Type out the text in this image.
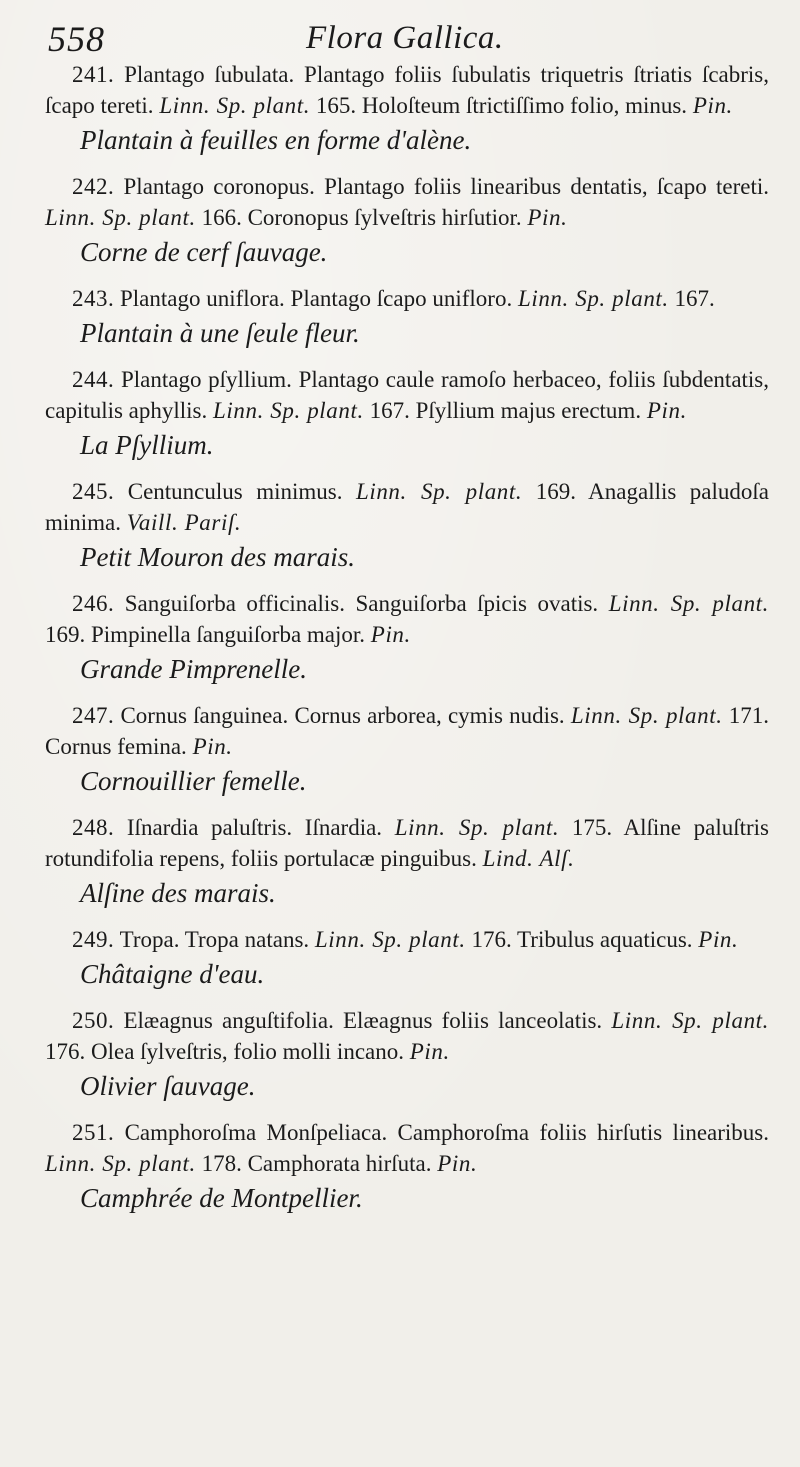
558	Flora Gallica.

241. Plantago ſubulata. Plantago foliis ſubulatis triquetris ſtriatis ſcabris, ſcapo tereti. Linn. Sp. plant. 165. Holoſteum ſtrictiſſimo folio, minus. Pin.

Plantain à feuilles en forme d'alène.

242. Plantago coronopus. Plantago foliis linearibus dentatis, ſcapo tereti. Linn. Sp. plant. 166. Coronopus ſylveſtris hirſutior. Pin.

Corne de cerf ſauvage.

243. Plantago uniflora. Plantago ſcapo unifloro. Linn. Sp. plant. 167.

Plantain à une ſeule fleur.

244. Plantago pſyllium. Plantago caule ramoſo herbaceo, foliis ſubdentatis, capitulis aphyllis. Linn. Sp. plant. 167. Pſyllium majus erectum. Pin.

La Pſyllium.

245. Centunculus minimus. Linn. Sp. plant. 169. Anagallis paludoſa minima. Vaill. Pariſ.

Petit Mouron des marais.

246. Sanguiſorba officinalis. Sanguiſorba ſpicis ovatis. Linn. Sp. plant. 169. Pimpinella ſanguiſorba major. Pin.

Grande Pimprenelle.

247. Cornus ſanguinea. Cornus arborea, cymis nudis. Linn. Sp. plant. 171. Cornus femina. Pin.

Cornouillier femelle.

248. Iſnardia paluſtris. Iſnardia. Linn. Sp. plant. 175. Alſine paluſtris rotundifolia repens, foliis portulacæ pinguibus. Lind. Alſ.

Alſine des marais.

249. Tropa. Tropa natans. Linn. Sp. plant. 176. Tribulus aquaticus. Pin.

Châtaigne d'eau.

250. Elæagnus anguſtifolia. Elæagnus foliis lanceolatis. Linn. Sp. plant. 176. Olea ſylveſtris, folio molli incano. Pin.

Olivier ſauvage.

251. Camphoroſma Monſpeliaca. Camphoroſma foliis hirſutis linearibus. Linn. Sp. plant. 178. Camphorata hirſuta. Pin.

Camphrée de Montpellier.
